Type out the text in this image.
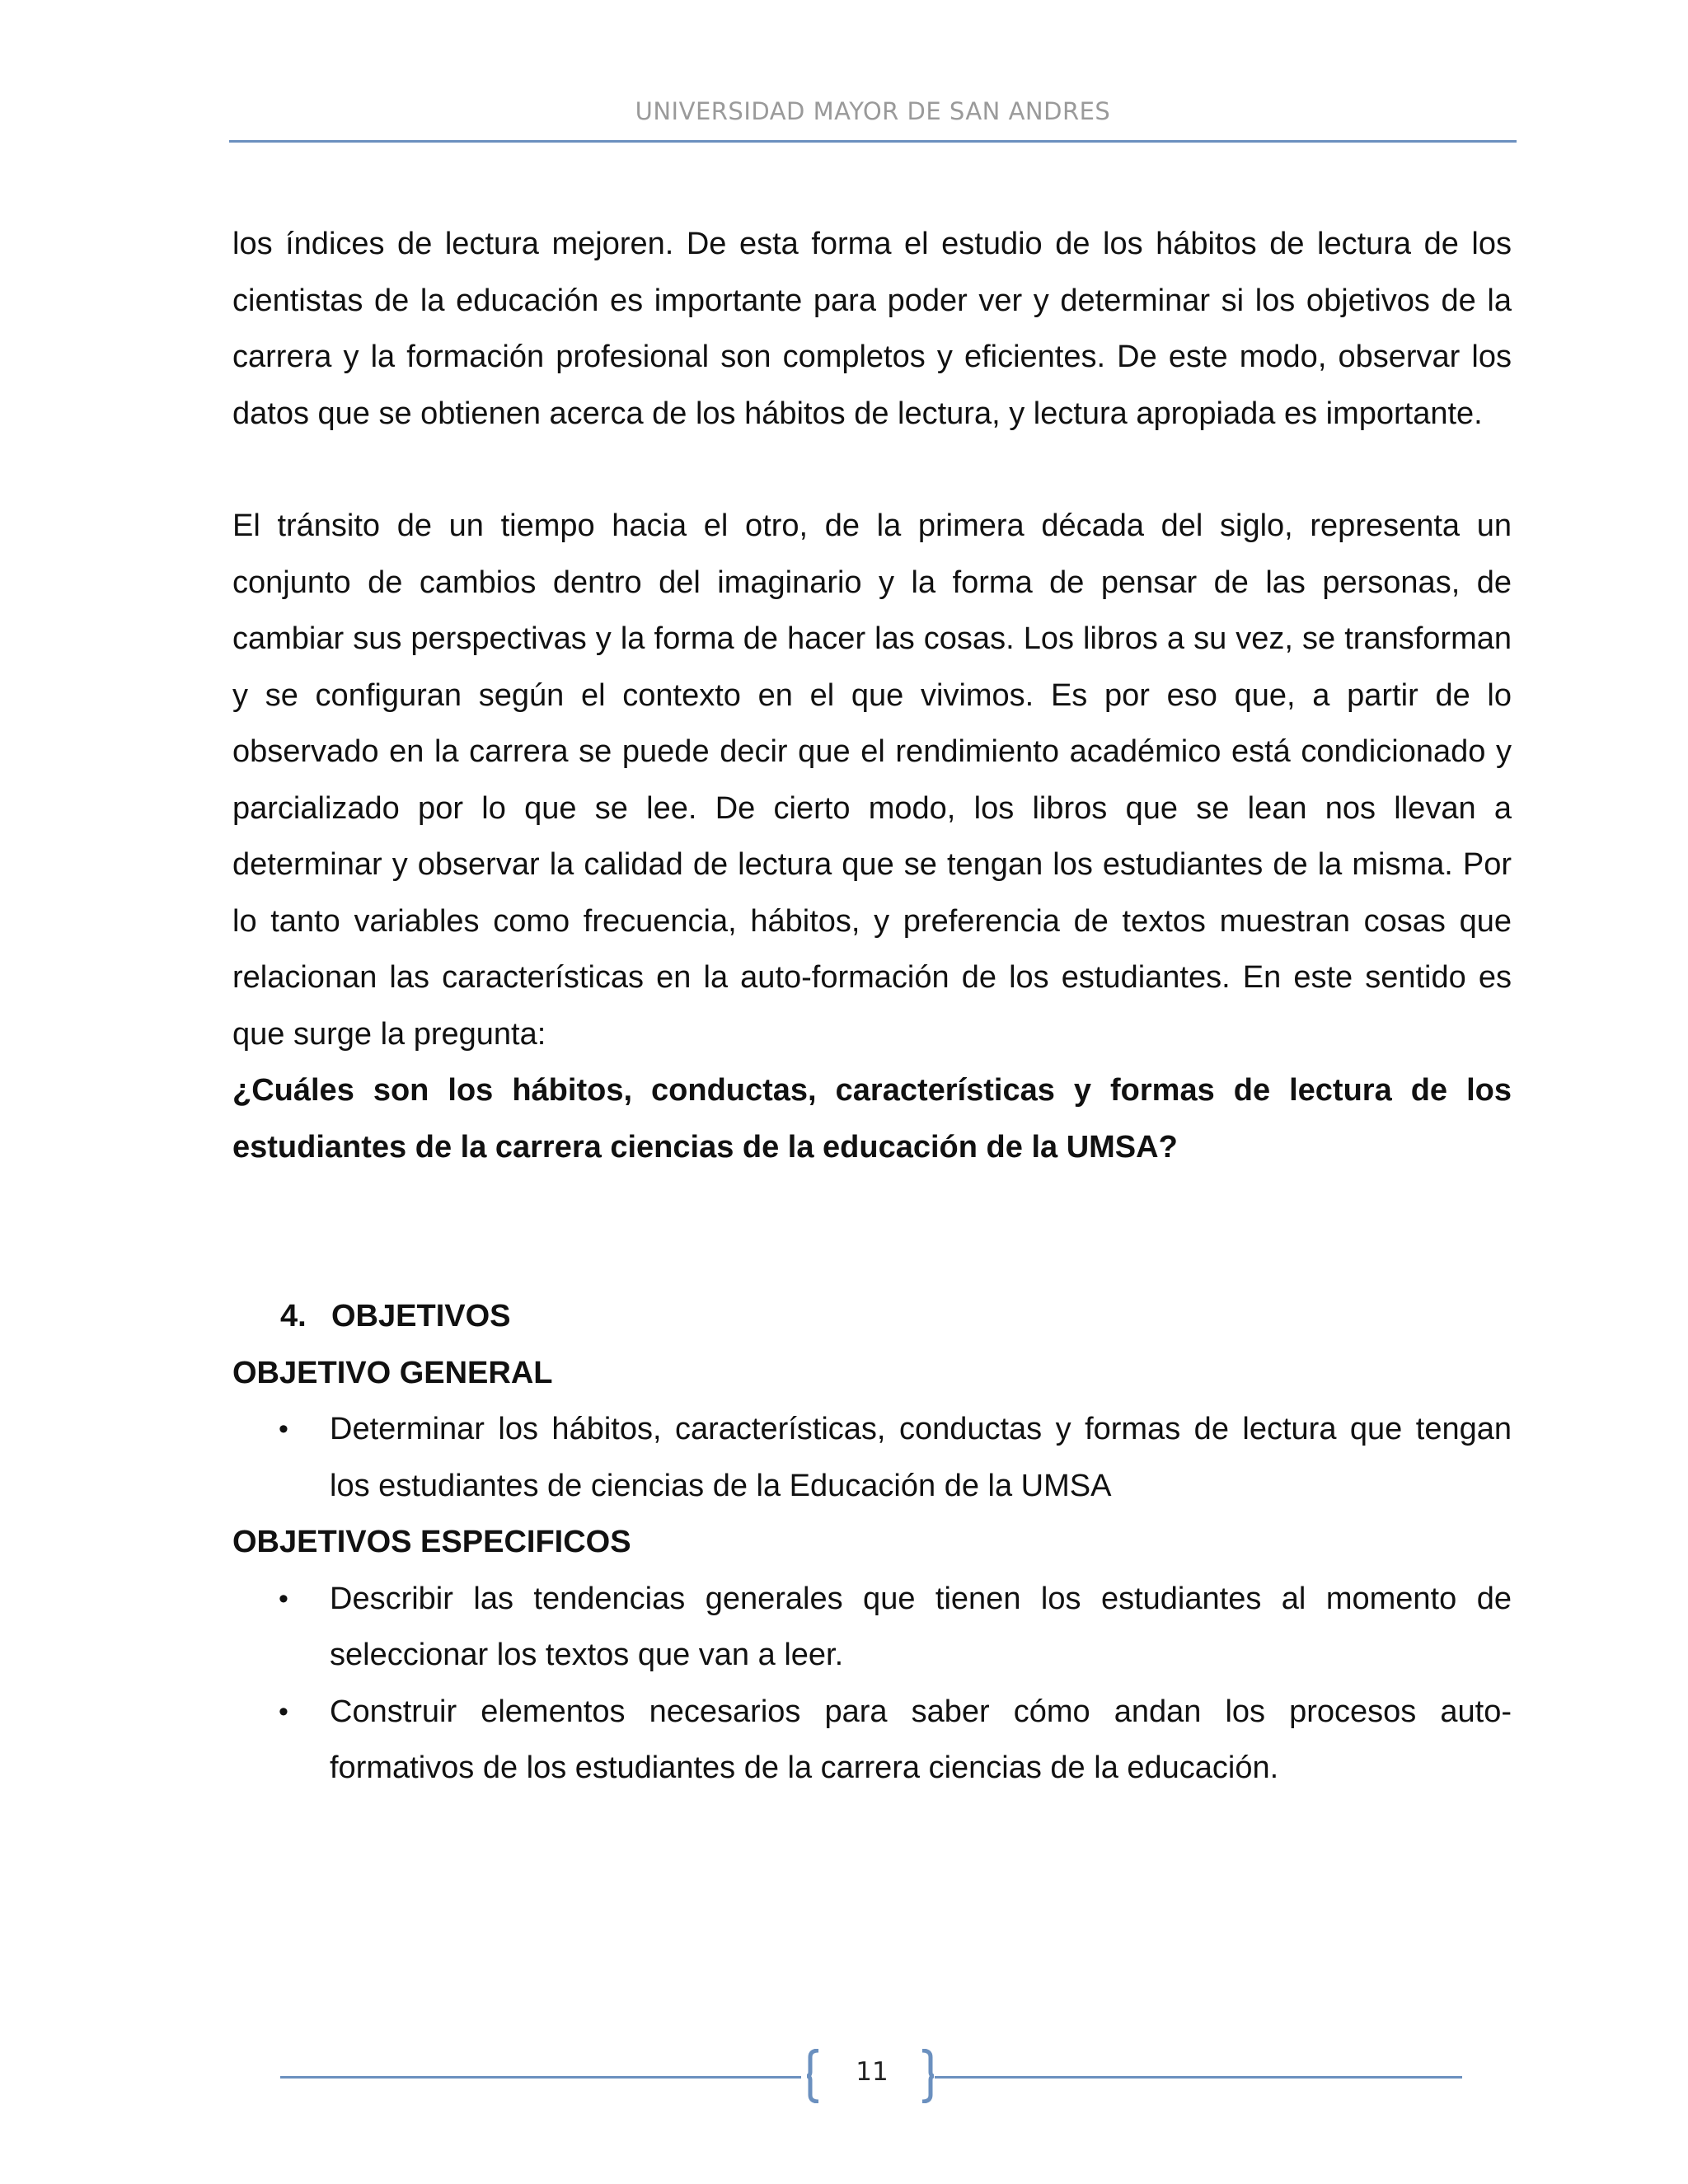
UNIVERSIDAD MAYOR DE SAN ANDRES

los índices de lectura mejoren. De esta forma el estudio de los hábitos de lectura de los cientistas de la educación es importante para poder ver y determinar si los objetivos de la carrera y la formación profesional son completos y eficientes. De este modo, observar los datos que se obtienen acerca de los hábitos de lectura, y lectura apropiada es importante.

El tránsito de un tiempo hacia el otro, de la primera década del siglo, representa un conjunto de cambios dentro del imaginario y la forma de pensar de las personas, de cambiar sus perspectivas y la forma de hacer las cosas. Los libros a su vez, se transforman y se configuran según el contexto en el que vivimos. Es por eso que, a partir de lo observado en la carrera se puede decir que el rendimiento académico está condicionado y parcializado por lo que se lee. De cierto modo, los libros que se lean nos llevan a determinar y observar la calidad de lectura que se tengan los estudiantes de la misma. Por lo tanto variables como frecuencia, hábitos, y preferencia de textos muestran cosas que relacionan las características en la auto-formación de los estudiantes. En este sentido es que surge la pregunta:

¿Cuáles son los hábitos, conductas, características y formas de lectura de los estudiantes de la carrera ciencias de la educación de la UMSA?

4. OBJETIVOS

OBJETIVO GENERAL

• Determinar los hábitos, características, conductas y formas de lectura que tengan los estudiantes de ciencias de la Educación de la UMSA

OBJETIVOS ESPECIFICOS

• Describir las tendencias generales que tienen los estudiantes al momento de seleccionar los textos que van a leer.
• Construir elementos necesarios para saber cómo andan los procesos auto-formativos de los estudiantes de la carrera ciencias de la educación.
11
